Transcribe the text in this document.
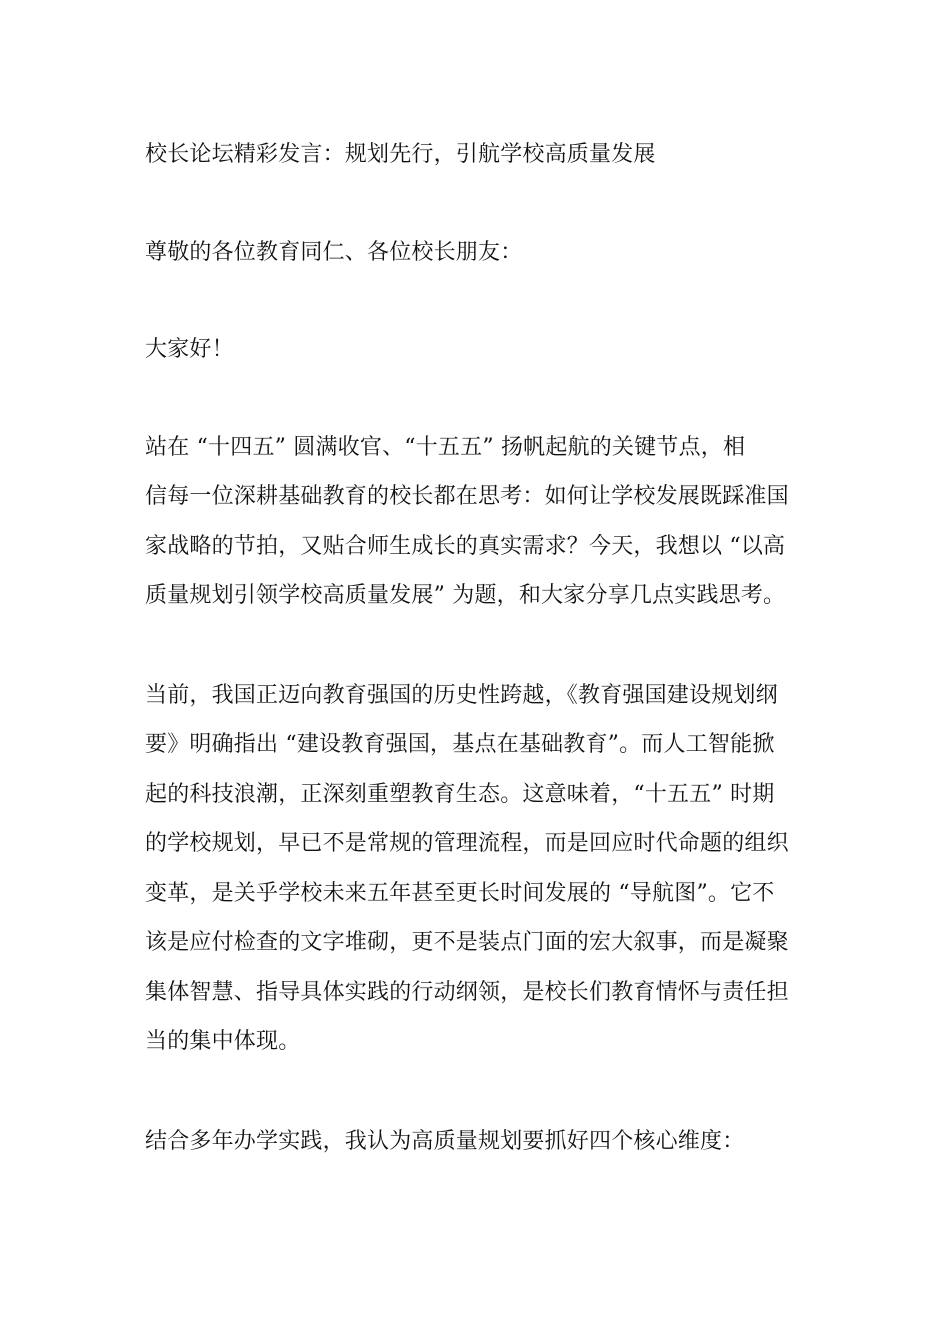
校长论坛精彩发言：规划先行，引航学校高质量发展

尊敬的各位教育同仁、各位校长朋友：

大家好！

站在 “十四五” 圆满收官、“十五五” 扬帆起航的关键节点，相
信每一位深耕基础教育的校长都在思考：如何让学校发展既踩准国
家战略的节拍，又贴合师生成长的真实需求？今天，我想以 “以高
质量规划引领学校高质量发展” 为题，和大家分享几点实践思考。

当前，我国正迈向教育强国的历史性跨越，《教育强国建设规划纲
要》明确指出 “建设教育强国，基点在基础教育”。而人工智能掀
起的科技浪潮，正深刻重塑教育生态。这意味着，“十五五” 时期
的学校规划，早已不是常规的管理流程，而是回应时代命题的组织
变革，是关乎学校未来五年甚至更长时间发展的 “导航图”。它不
该是应付检查的文字堆砌，更不是装点门面的宏大叙事，而是凝聚
集体智慧、指导具体实践的行动纲领，是校长们教育情怀与责任担
当的集中体现。

结合多年办学实践，我认为高质量规划要抓好四个核心维度：
